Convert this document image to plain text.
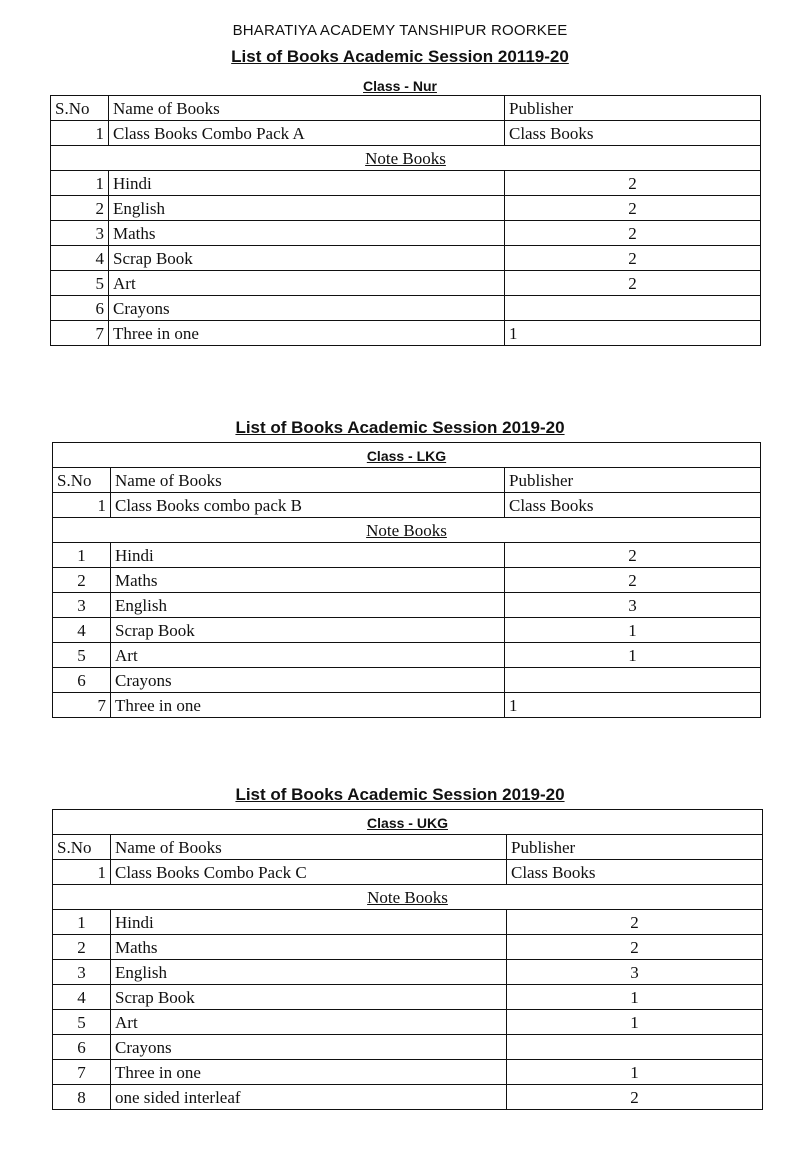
BHARATIYA ACADEMY TANSHIPUR ROORKEE
List of Books Academic Session 20119-20
Class - Nur
S.No	Name of Books	Publisher
1	Class Books Combo Pack A	Class Books
Note Books		
1	Hindi	2
2	English	2
3	Maths	2
4	Scrap Book	2
5	Art	2
6	Crayons	
7	Three in one	1
List of Books Academic Session 2019-20
Class - LKG		
S.No	Name of Books	Publisher
1	Class Books combo pack B	Class Books
Note Books		
1	Hindi	2
2	Maths	2
3	English	3
4	Scrap Book	1
5	Art	1
6	Crayons	
7	Three in one	1
List of Books Academic Session 2019-20
Class - UKG		
S.No	Name of Books	Publisher
1	Class Books Combo Pack C	Class Books
Note Books		
1	Hindi	2
2	Maths	2
3	English	3
4	Scrap Book	1
5	Art	1
6	Crayons	
7	Three in one	1
8	one sided interleaf	2
